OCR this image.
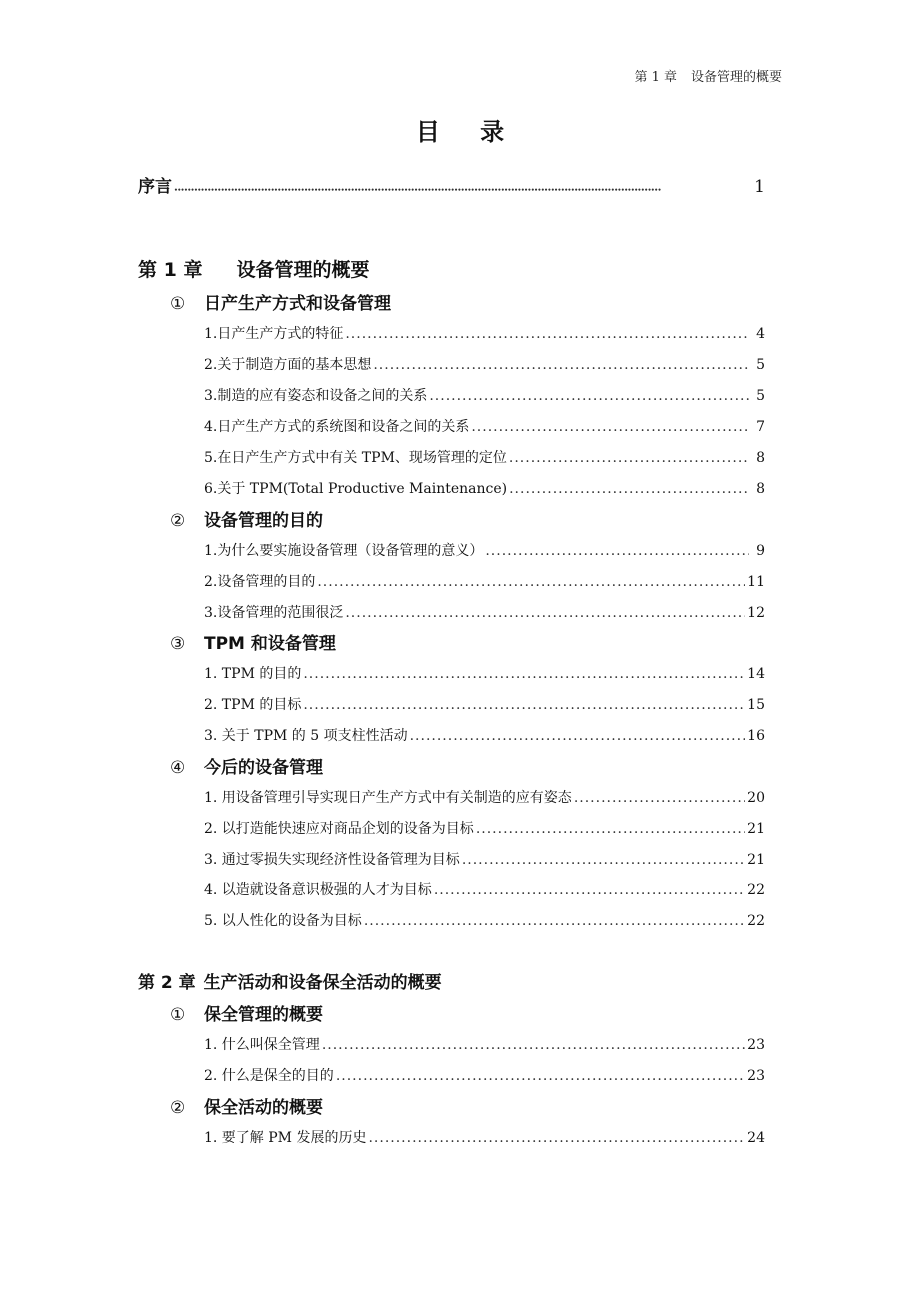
第 1 章 设备管理的概要
目 录
序言 •••••	1
第 1 章 设备管理的概要
① 日产生产方式和设备管理
1.日产生产方式的特征 .....	4
2.关于制造方面的基本思想 .....	5
3.制造的应有姿态和设备之间的关系 .....	5
4.日产生产方式的系统图和设备之间的关系 .....	7
5.在日产生产方式中有关 TPM、现场管理的定位 .....	8
6.关于 TPM(Total Productive Maintenance) .....	8
② 设备管理的目的
1.为什么要实施设备管理（设备管理的意义） .....	9
2.设备管理的目的 .....	11
3.设备管理的范围很泛 .....	12
③ TPM 和设备管理
1. TPM 的目的 .....	14
2. TPM 的目标 .....	15
3. 关于 TPM 的 5 项支柱性活动 .....	16
④ 今后的设备管理
1. 用设备管理引导实现日产生产方式中有关制造的应有姿态 .....	20
2. 以打造能快速应对商品企划的设备为目标 .....	21
3. 通过零损失实现经济性设备管理为目标 .....	21
4. 以造就设备意识极强的人才为目标 .....	22
5. 以人性化的设备为目标 .....	22
第 2 章 生产活动和设备保全活动的概要
① 保全管理的概要
1. 什么叫保全管理 .....	23
2. 什么是保全的目的 .....	23
② 保全活动的概要
1. 要了解 PM 发展的历史 .....	24
